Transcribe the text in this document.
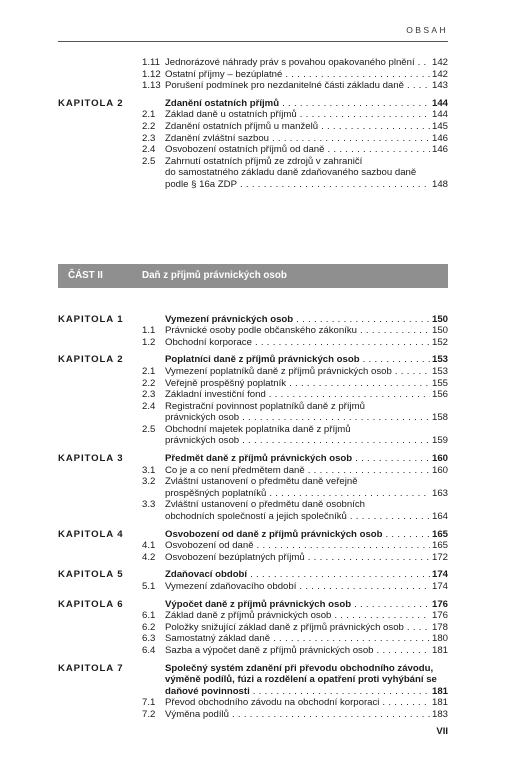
OBSAH
1.11 Jednorázové náhrady práv s povahou opakovaného plnění . . . 142
1.12 Ostatní příjmy – bezúplatné . . .	142
1.13 Porušení podmínek pro nezdanitelné části základu daně . . .	143
KAPITOLA 2	Zdanění ostatních příjmů . . .	144
2.1	Základ daně u ostatních příjmů . . .	144
2.2	Zdanění ostatních příjmů u manželů . . .	145
2.3	Zdanění zvláštní sazbou . . .	146
2.4	Osvobození ostatních příjmů od daně . . .	146
2.5	Zahrnutí ostatních příjmů ze zdrojů v zahraničí
do samostatného základu daně zdaňovaného sazbou daně
podle § 16a ZDP . . .	148
ČÁST II	Daň z příjmů právnických osob
KAPITOLA 1	Vymezení právnických osob . . .	150
1.1	Právnické osoby podle občanského zákoníku . . .	150
1.2	Obchodní korporace . . .	152
KAPITOLA 2	Poplatníci daně z příjmů právnických osob . . .	153
2.1	Vymezení poplatníků daně z příjmů právnických osob . . .	153
2.2	Veřejně prospěšný poplatník . . .	155
2.3	Základní investiční fond . . .	156
2.4	Registrační povinnost poplatníků daně z příjmů
právnických osob . . .	158
2.5	Obchodní majetek poplatníka daně z příjmů
právnických osob . . .	159
KAPITOLA 3	Předmět daně z příjmů právnických osob . . .	160
3.1	Co je a co není předmětem daně . . .	160
3.2	Zvláštní ustanovení o předmětu daně veřejně
prospěšných poplatníků . . .	163
3.3	Zvláštní ustanovení o předmětu daně osobních
obchodních společností a jejich společníků . . .	164
KAPITOLA 4	Osvobození od daně z příjmů právnických osob . . .	165
4.1	Osvobození od daně . . .	165
4.2	Osvobození bezúplatných příjmů . . .	172
KAPITOLA 5	Zdaňovací období . . .	174
5.1	Vymezení zdaňovacího období . . .	174
KAPITOLA 6	Výpočet daně z příjmů právnických osob . . .	176
6.1	Základ daně z příjmů právnických osob . . .	176
6.2	Položky snižující základ daně z příjmů právnických osob . . .	178
6.3	Samostatný základ daně . . .	180
6.4	Sazba a výpočet daně z příjmů právnických osob . . .	181
KAPITOLA 7	Společný systém zdanění při převodu obchodního závodu,
výměně podílů, fúzi a rozdělení a opatření proti vyhýbání se
daňové povinnosti . . .	181
7.1	Převod obchodního závodu na obchodní korporaci . . .	181
7.2	Výměna podílů . . .	183
VII
